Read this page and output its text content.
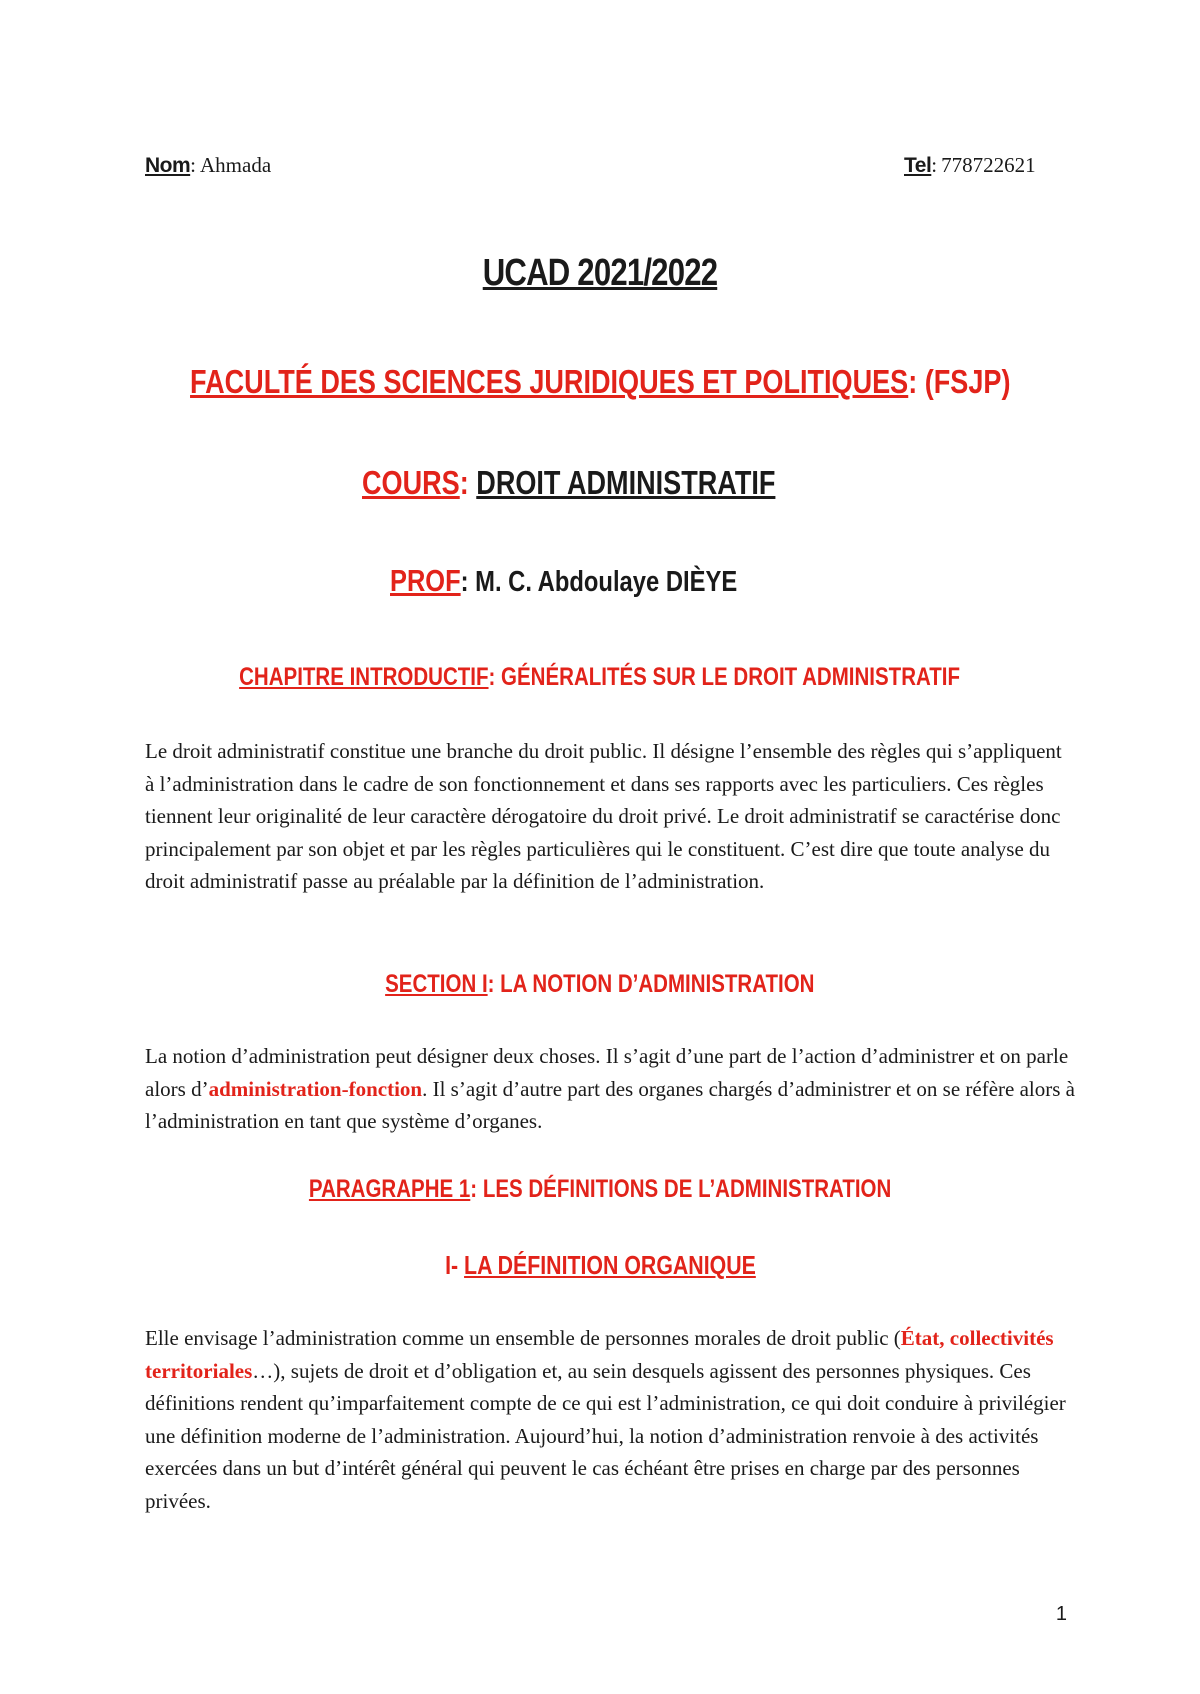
Nom: Ahmada	Tel: 778722621
UCAD 2021/2022
FACULTÉ DES SCIENCES JURIDIQUES ET POLITIQUES: (FSJP)
COURS: DROIT ADMINISTRATIF
PROF: M. C. Abdoulaye DIÈYE
CHAPITRE INTRODUCTIF: GÉNÉRALITÉS SUR LE DROIT ADMINISTRATIF

Le droit administratif constitue une branche du droit public. Il désigne l’ensemble des règles qui s’appliquent à l’administration dans le cadre de son fonctionnement et dans ses rapports avec les particuliers. Ces règles tiennent leur originalité de leur caractère dérogatoire du droit privé. Le droit administratif se caractérise donc principalement par son objet et par les règles particulières qui le constituent. C’est dire que toute analyse du droit administratif passe au préalable par la définition de l’administration.

SECTION I: LA NOTION D’ADMINISTRATION

La notion d’administration peut désigner deux choses. Il s’agit d’une part de l’action d’administrer et on parle alors d’administration-fonction. Il s’agit d’autre part des organes chargés d’administrer et on se réfère alors à l’administration en tant que système d’organes.

PARAGRAPHE 1: LES DÉFINITIONS DE L’ADMINISTRATION
I- LA DÉFINITION ORGANIQUE

Elle envisage l’administration comme un ensemble de personnes morales de droit public (État, collectivités territoriales…), sujets de droit et d’obligation et, au sein desquels agissent des personnes physiques. Ces définitions rendent qu’imparfaitement compte de ce qui est l’administration, ce qui doit conduire à privilégier une définition moderne de l’administration. Aujourd’hui, la notion d’administration renvoie à des activités exercées dans un but d’intérêt général qui peuvent le cas échéant être prises en charge par des personnes privées.

1
